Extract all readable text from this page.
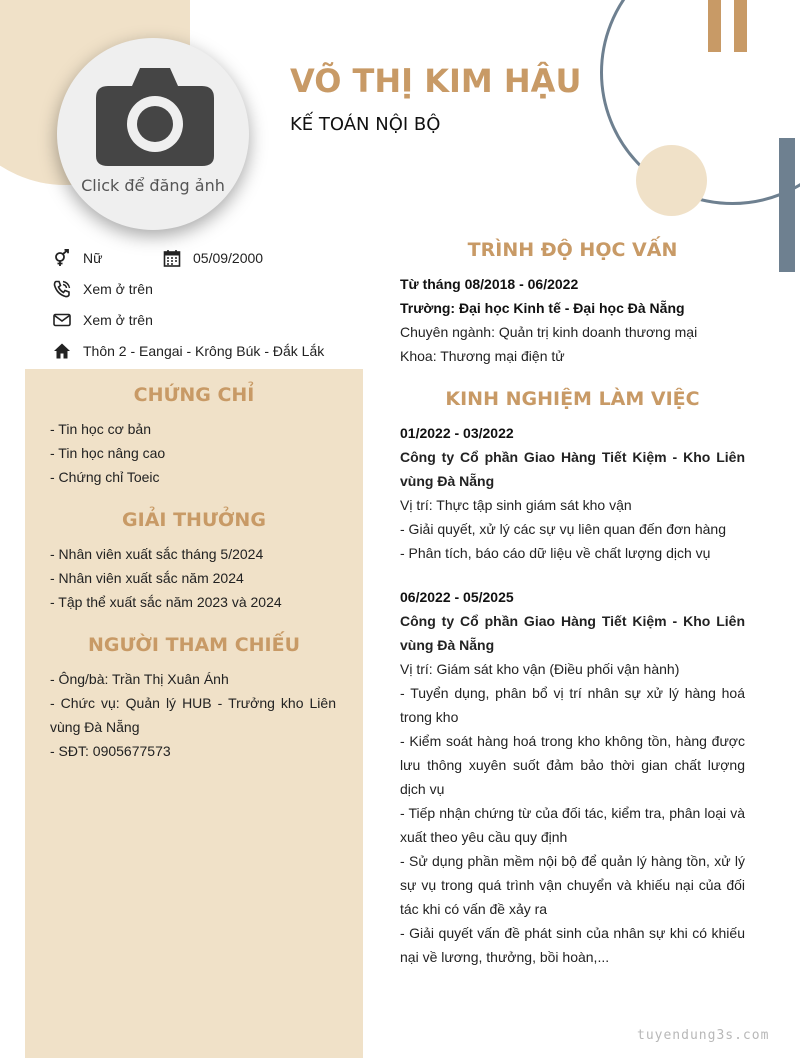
Click để đăng ảnh
VÕ THỊ KIM HẬU
KẾ TOÁN NỘI BỘ
Nữ	05/09/2000
Xem ở trên
Xem ở trên
Thôn 2 - Eangai - Krông Búk - Đắk Lắk
CHỨNG CHỈ
- Tin học cơ bản
- Tin học nâng cao
- Chứng chỉ Toeic
GIẢI THƯỞNG
- Nhân viên xuất sắc tháng 5/2024
- Nhân viên xuất sắc năm 2024
- Tập thể xuất sắc năm 2023 và 2024
NGƯỜI THAM CHIẾU
- Ông/bà: Trần Thị Xuân Ánh
- Chức vụ: Quản lý HUB - Trưởng kho Liên vùng Đà Nẵng
- SĐT: 0905677573
TRÌNH ĐỘ HỌC VẤN
Từ tháng 08/2018 - 06/2022
Trường: Đại học Kinh tế - Đại học Đà Nẵng
Chuyên ngành: Quản trị kinh doanh thương mại
Khoa: Thương mại điện tử
KINH NGHIỆM LÀM VIỆC
01/2022 - 03/2022
Công ty Cổ phần Giao Hàng Tiết Kiệm - Kho Liên vùng Đà Nẵng
Vị trí: Thực tập sinh giám sát kho vận
- Giải quyết, xử lý các sự vụ liên quan đến đơn hàng
- Phân tích, báo cáo dữ liệu về chất lượng dịch vụ
06/2022 - 05/2025
Công ty Cổ phần Giao Hàng Tiết Kiệm - Kho Liên vùng Đà Nẵng
Vị trí: Giám sát kho vận (Điều phối vận hành)
- Tuyển dụng, phân bổ vị trí nhân sự xử lý hàng hoá trong kho
- Kiểm soát hàng hoá trong kho không tồn, hàng được lưu thông xuyên suốt đảm bảo thời gian chất lượng dịch vụ
- Tiếp nhận chứng từ của đối tác, kiểm tra, phân loại và xuất theo yêu cầu quy định
- Sử dụng phần mềm nội bộ để quản lý hàng tồn, xử lý sự vụ trong quá trình vận chuyển và khiếu nại của đối tác khi có vấn đề xảy ra
- Giải quyết vấn đề phát sinh của nhân sự khi có khiếu nại về lương, thưởng, bồi hoàn,...
tuyendung3s.com
